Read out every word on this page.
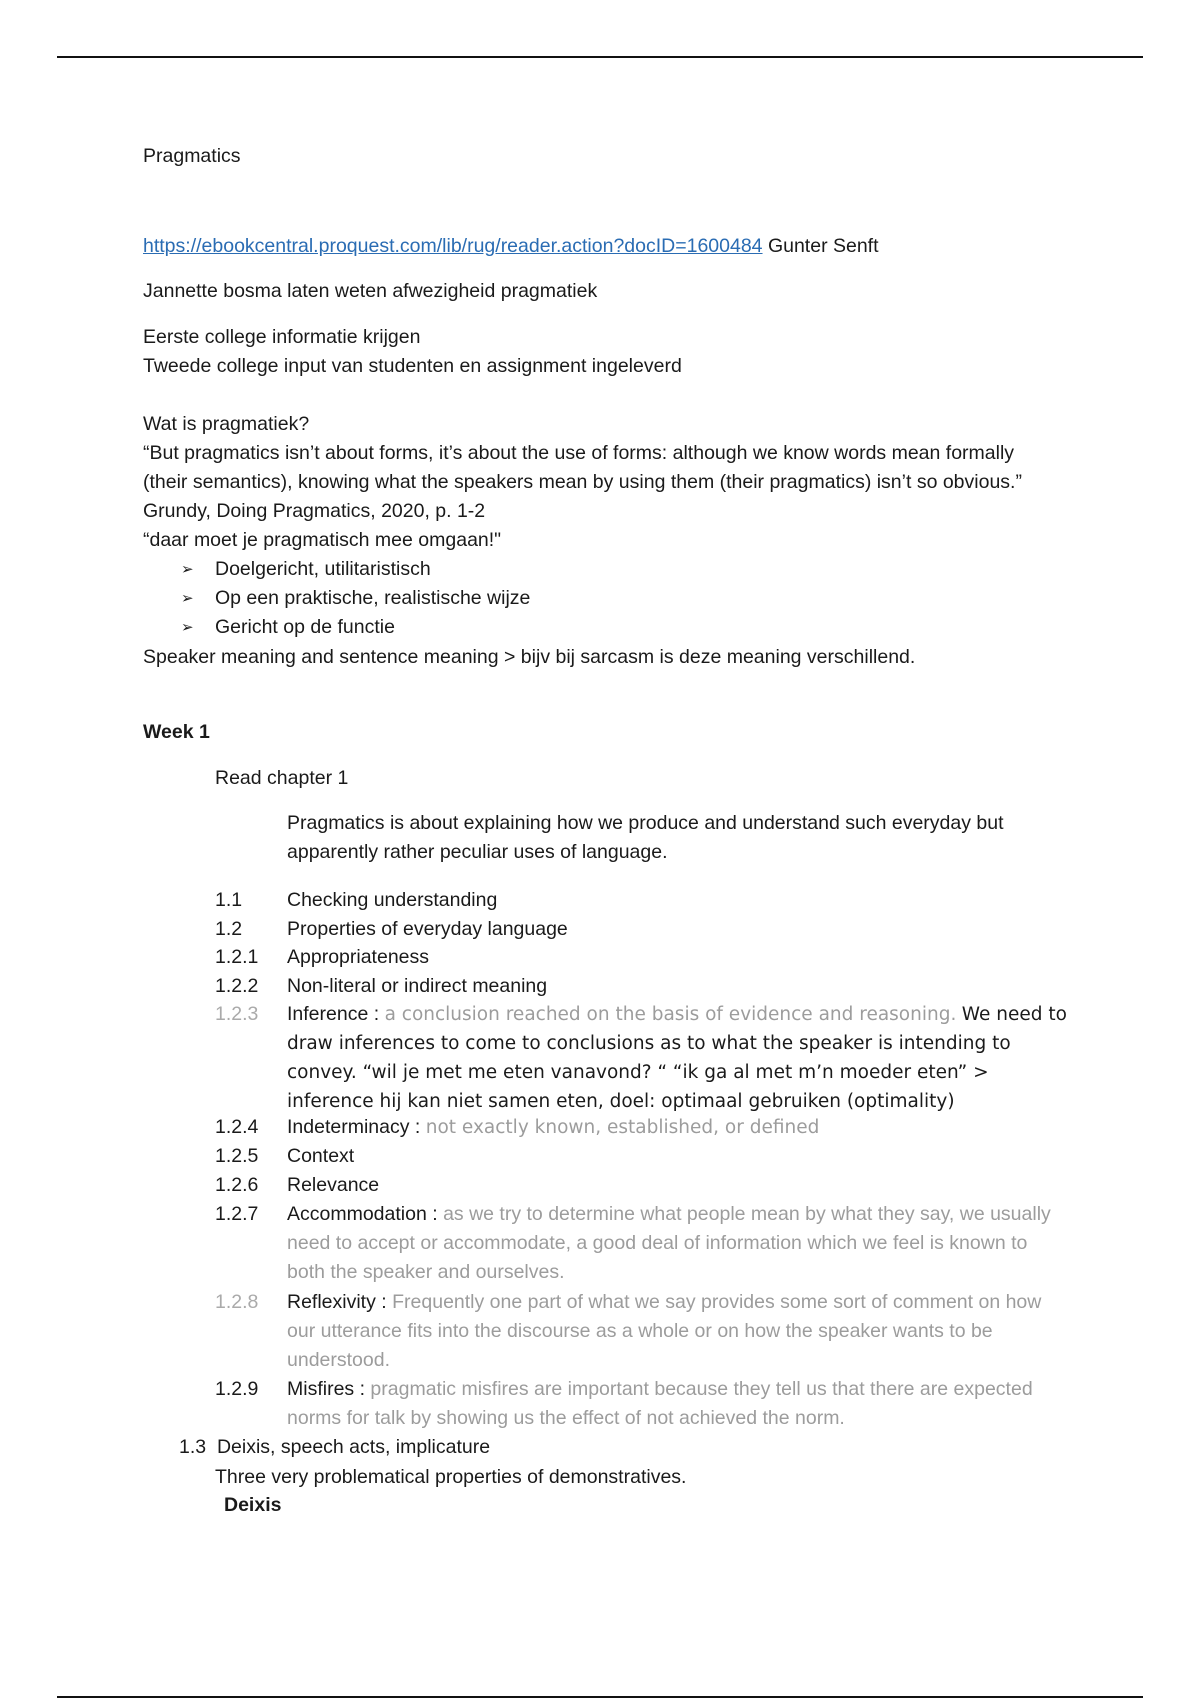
Pragmatics
https://ebookcentral.proquest.com/lib/rug/reader.action?docID=1600484 Gunter Senft
Jannette bosma laten weten afwezigheid pragmatiek
Eerste college informatie krijgen
Tweede college input van studenten en assignment ingeleverd
Wat is pragmatiek?
“But pragmatics isn’t about forms, it’s about the use of forms: although we know words mean formally (their semantics), knowing what the speakers mean by using them (their pragmatics) isn’t so obvious.” Grundy, Doing Pragmatics, 2020, p. 1-2
“daar moet je pragmatisch mee omgaan!"
➢	Doelgericht, utilitaristisch
➢	Op een praktische, realistische wijze
➢	Gericht op de functie
Speaker meaning and sentence meaning > bijv bij sarcasm is deze meaning verschillend.
Week 1
Read chapter 1
Pragmatics is about explaining how we produce and understand such everyday but apparently rather peculiar uses of language.
1.1	Checking understanding
1.2	Properties of everyday language
1.2.1	Appropriateness
1.2.2	Non-literal or indirect meaning
1.2.3	Inference : a conclusion reached on the basis of evidence and reasoning. We need to draw inferences to come to conclusions as to what the speaker is intending to convey. “wil je met me eten vanavond? “ “ik ga al met m’n moeder eten” > inference hij kan niet samen eten, doel: optimaal gebruiken (optimality)
1.2.4	Indeterminacy : not exactly known, established, or defined
1.2.5	Context
1.2.6	Relevance
1.2.7	Accommodation : as we try to determine what people mean by what they say, we usually need to accept or accommodate, a good deal of information which we feel is known to both the speaker and ourselves.
1.2.8	Reflexivity : Frequently one part of what we say provides some sort of comment on how our utterance fits into the discourse as a whole or on how the speaker wants to be understood.
1.2.9	Misfires : pragmatic misfires are important because they tell us that there are expected norms for talk by showing us the effect of not achieved the norm.
1.3 Deixis, speech acts, implicature
Three very problematical properties of demonstratives.
Deixis
